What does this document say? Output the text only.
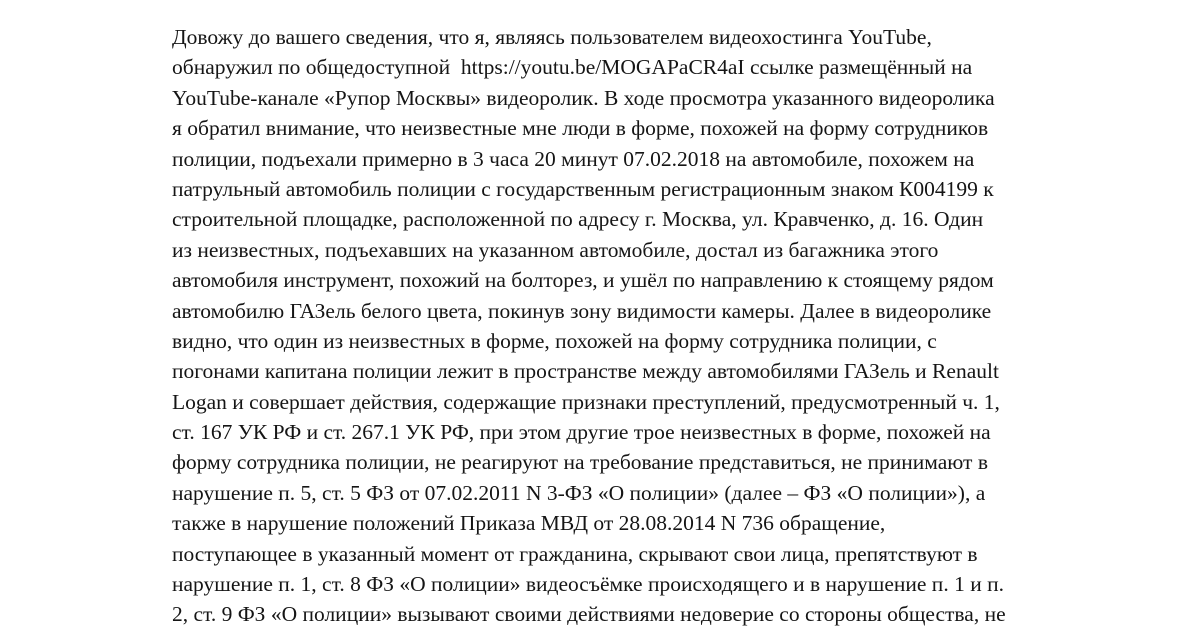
Довожу до вашего сведения, что я, являясь пользователем видеохостинга YouTube,
обнаружил по общедоступной  https://youtu.be/MOGAPaCR4aI ссылке размещённый на
YouTube-канале «Рупор Москвы» видеоролик. В ходе просмотра указанного видеоролика
я обратил внимание, что неизвестные мне люди в форме, похожей на форму сотрудников
полиции, подъехали примерно в 3 часа 20 минут 07.02.2018 на автомобиле, похожем на
патрульный автомобиль полиции с государственным регистрационным знаком К004199 к
строительной площадке, расположенной по адресу г. Москва, ул. Кравченко, д. 16. Один
из неизвестных, подъехавших на указанном автомобиле, достал из багажника этого
автомобиля инструмент, похожий на болторез, и ушёл по направлению к стоящему рядом
автомобилю ГАЗель белого цвета, покинув зону видимости камеры. Далее в видеоролике
видно, что один из неизвестных в форме, похожей на форму сотрудника полиции, с
погонами капитана полиции лежит в пространстве между автомобилями ГАЗель и Renault
Logan и совершает действия, содержащие признаки преступлений, предусмотренный ч. 1,
ст. 167 УК РФ и ст. 267.1 УК РФ, при этом другие трое неизвестных в форме, похожей на
форму сотрудника полиции, не реагируют на требование представиться, не принимают в
нарушение п. 5, ст. 5 ФЗ от 07.02.2011 N 3-ФЗ «О полиции» (далее – ФЗ «О полиции»), а
также в нарушение положений Приказа МВД от 28.08.2014 N 736 обращение,
поступающее в указанный момент от гражданина, скрывают свои лица, препятствуют в
нарушение п. 1, ст. 8 ФЗ «О полиции» видеосъёмке происходящего и в нарушение п. 1 и п.
2, ст. 9 ФЗ «О полиции» вызывают своими действиями недоверие со стороны общества, не
